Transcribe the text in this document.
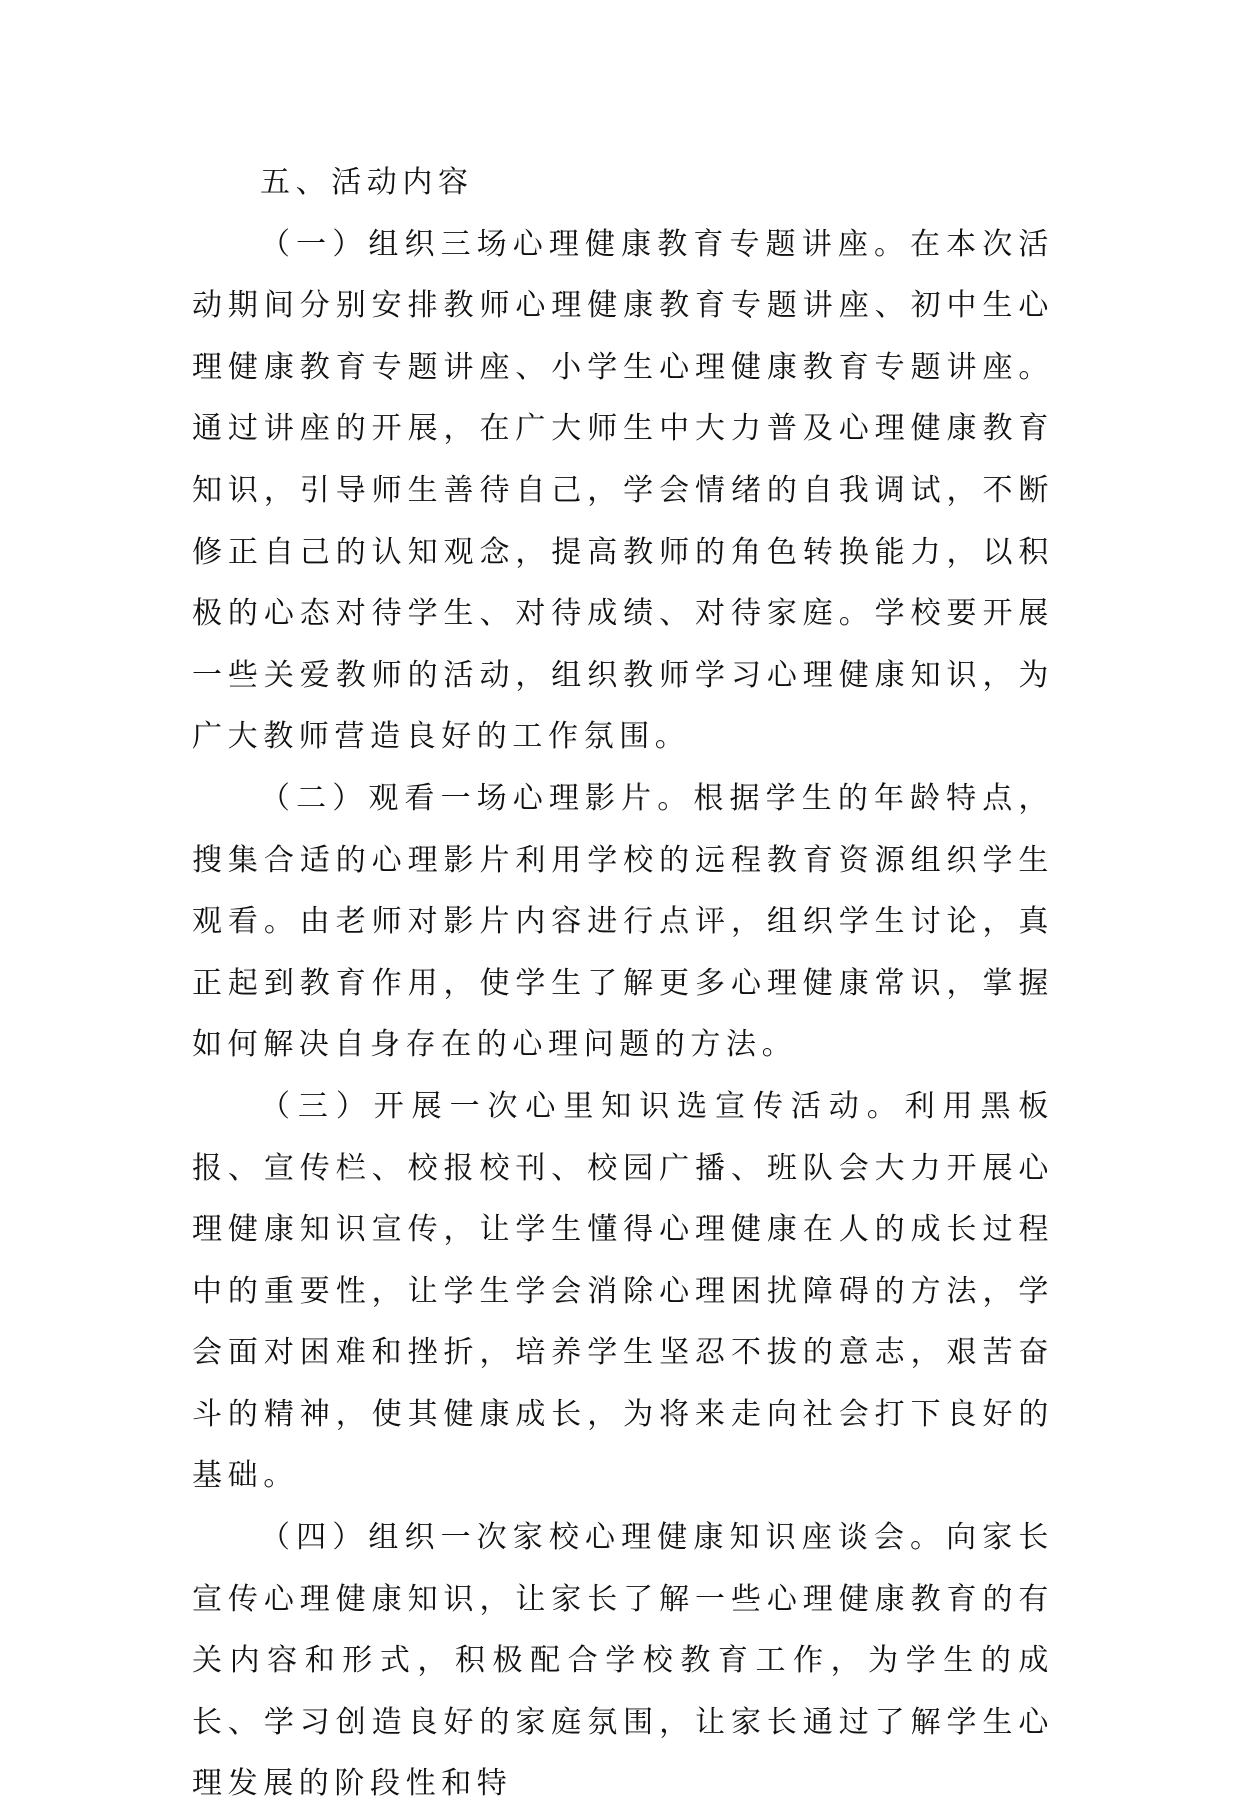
五、活动内容

（一）组织三场心理健康教育专题讲座。在本次活动期间分别安排教师心理健康教育专题讲座、初中生心理健康教育专题讲座、小学生心理健康教育专题讲座。通过讲座的开展，在广大师生中大力普及心理健康教育知识，引导师生善待自己，学会情绪的自我调试，不断修正自己的认知观念，提高教师的角色转换能力，以积极的心态对待学生、对待成绩、对待家庭。学校要开展一些关爱教师的活动，组织教师学习心理健康知识，为广大教师营造良好的工作氛围。

（二）观看一场心理影片。根据学生的年龄特点，搜集合适的心理影片利用学校的远程教育资源组织学生观看。由老师对影片内容进行点评，组织学生讨论，真正起到教育作用，使学生了解更多心理健康常识，掌握如何解决自身存在的心理问题的方法。

（三）开展一次心里知识选宣传活动。利用黑板报、宣传栏、校报校刊、校园广播、班队会大力开展心理健康知识宣传，让学生懂得心理健康在人的成长过程中的重要性，让学生学会消除心理困扰障碍的方法，学会面对困难和挫折，培养学生坚忍不拔的意志，艰苦奋斗的精神，使其健康成长，为将来走向社会打下良好的基础。

（四）组织一次家校心理健康知识座谈会。向家长宣传心理健康知识，让家长了解一些心理健康教育的有关内容和形式，积极配合学校教育工作，为学生的成长、学习创造良好的家庭氛围，让家长通过了解学生心理发展的阶段性和特
